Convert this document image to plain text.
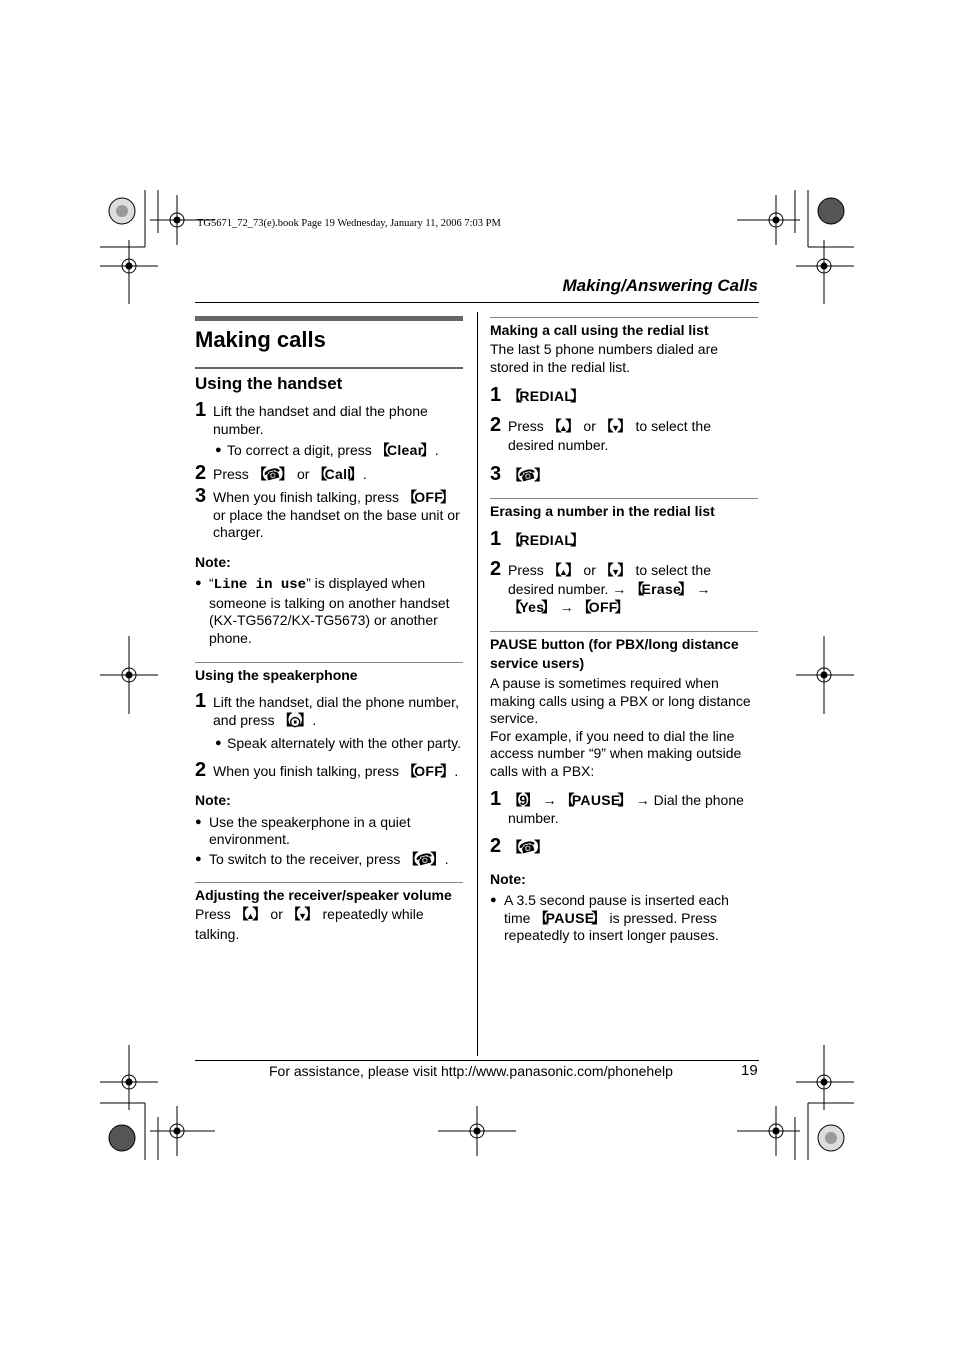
TG5671_72_73(e).book Page 19 Wednesday, January 11, 2006 7:03 PM
Making/Answering Calls
Making calls
Using the handset
1 Lift the handset and dial the phone number.
● To correct a digit, press 【 Clear 】 .
2 Press 【 ☎ 】 or 【 Call 】 .
3 When you finish talking, press 【 OFF 】 or place the handset on the base unit or charger.
Note:
● “Line in use” is displayed when someone is talking on another handset (KX-TG5672/KX-TG5673) or another phone.
Using the speakerphone
1 Lift the handset, dial the phone number, and press 【 ⨀ 】 .
● Speak alternately with the other party.
2 When you finish talking, press 【 OFF 】 .
Note:
● Use the speakerphone in a quiet environment.
● To switch to the receiver, press 【 ☎ 】 .
Adjusting the receiver/speaker volume
Press 【 ▲ 】 or 【 ▼ 】 repeatedly while talking.
Making a call using the redial list

The last 5 phone numbers dialed are stored in the redial list.

1 【 REDIAL 】
2 Press 【 ▲ 】 or 【 ▼ 】 to select the desired number.
3 【 ☎ 】
Erasing a number in the redial list
1 【 REDIAL 】
2 Press 【 ▲ 】 or 【 ▼ 】 to select the desired number. → 【 Erase 】 → 【 Yes 】 → 【 OFF 】
PAUSE button (for PBX/long distance service users)

A pause is sometimes required when making calls using a PBX or long distance service.

For example, if you need to dial the line access number “9” when making outside calls with a PBX:

1 【 9 】 → 【 PAUSE 】 → Dial the phone number.
2 【 ☎ 】
Note:
● A 3.5 second pause is inserted each time 【 PAUSE 】 is pressed. Press repeatedly to insert longer pauses.
For assistance, please visit http://www.panasonic.com/phonehelp	19
